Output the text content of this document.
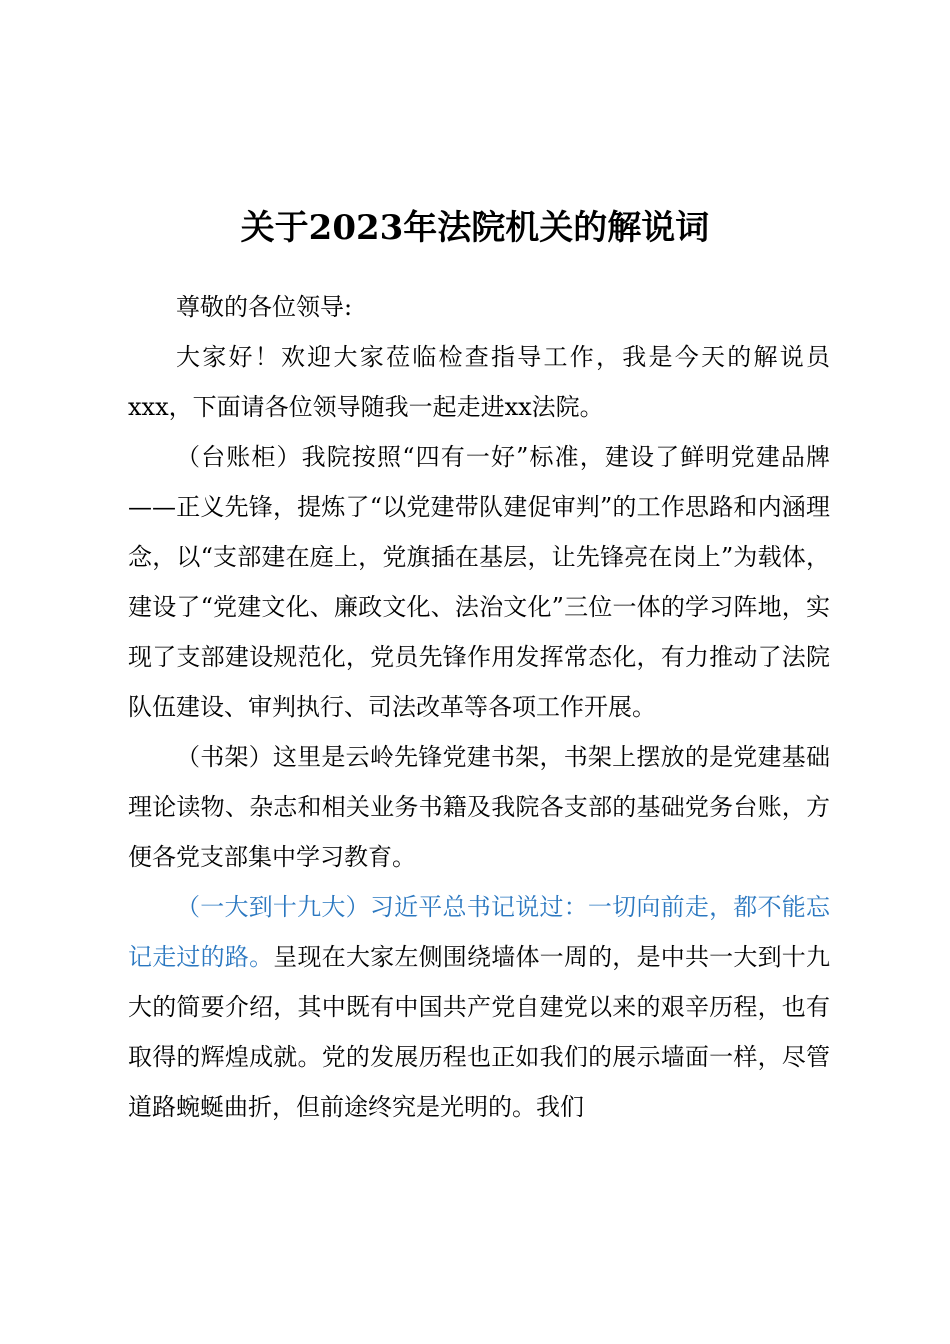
关于2023年法院机关的解说词

尊敬的各位领导:

大家好！欢迎大家莅临检查指导工作，我是今天的解说员xxx，下面请各位领导随我一起走进xx法院。

（台账柜）我院按照“四有一好”标准，建设了鲜明党建品牌——正义先锋，提炼了“以党建带队建促审判”的工作思路和内涵理念，以“支部建在庭上，党旗插在基层，让先锋亮在岗上”为载体，建设了“党建文化、廉政文化、法治文化”三位一体的学习阵地，实现了支部建设规范化，党员先锋作用发挥常态化，有力推动了法院队伍建设、审判执行、司法改革等各项工作开展。

（书架）这里是云岭先锋党建书架，书架上摆放的是党建基础理论读物、杂志和相关业务书籍及我院各支部的基础党务台账，方便各党支部集中学习教育。

（一大到十九大）习近平总书记说过：一切向前走，都不能忘记走过的路。呈现在大家左侧围绕墙体一周的，是中共一大到十九大的简要介绍，其中既有中国共产党自建党以来的艰辛历程，也有取得的辉煌成就。党的发展历程也正如我们的展示墙面一样，尽管道路蜿蜒曲折，但前途终究是光明的。我们
